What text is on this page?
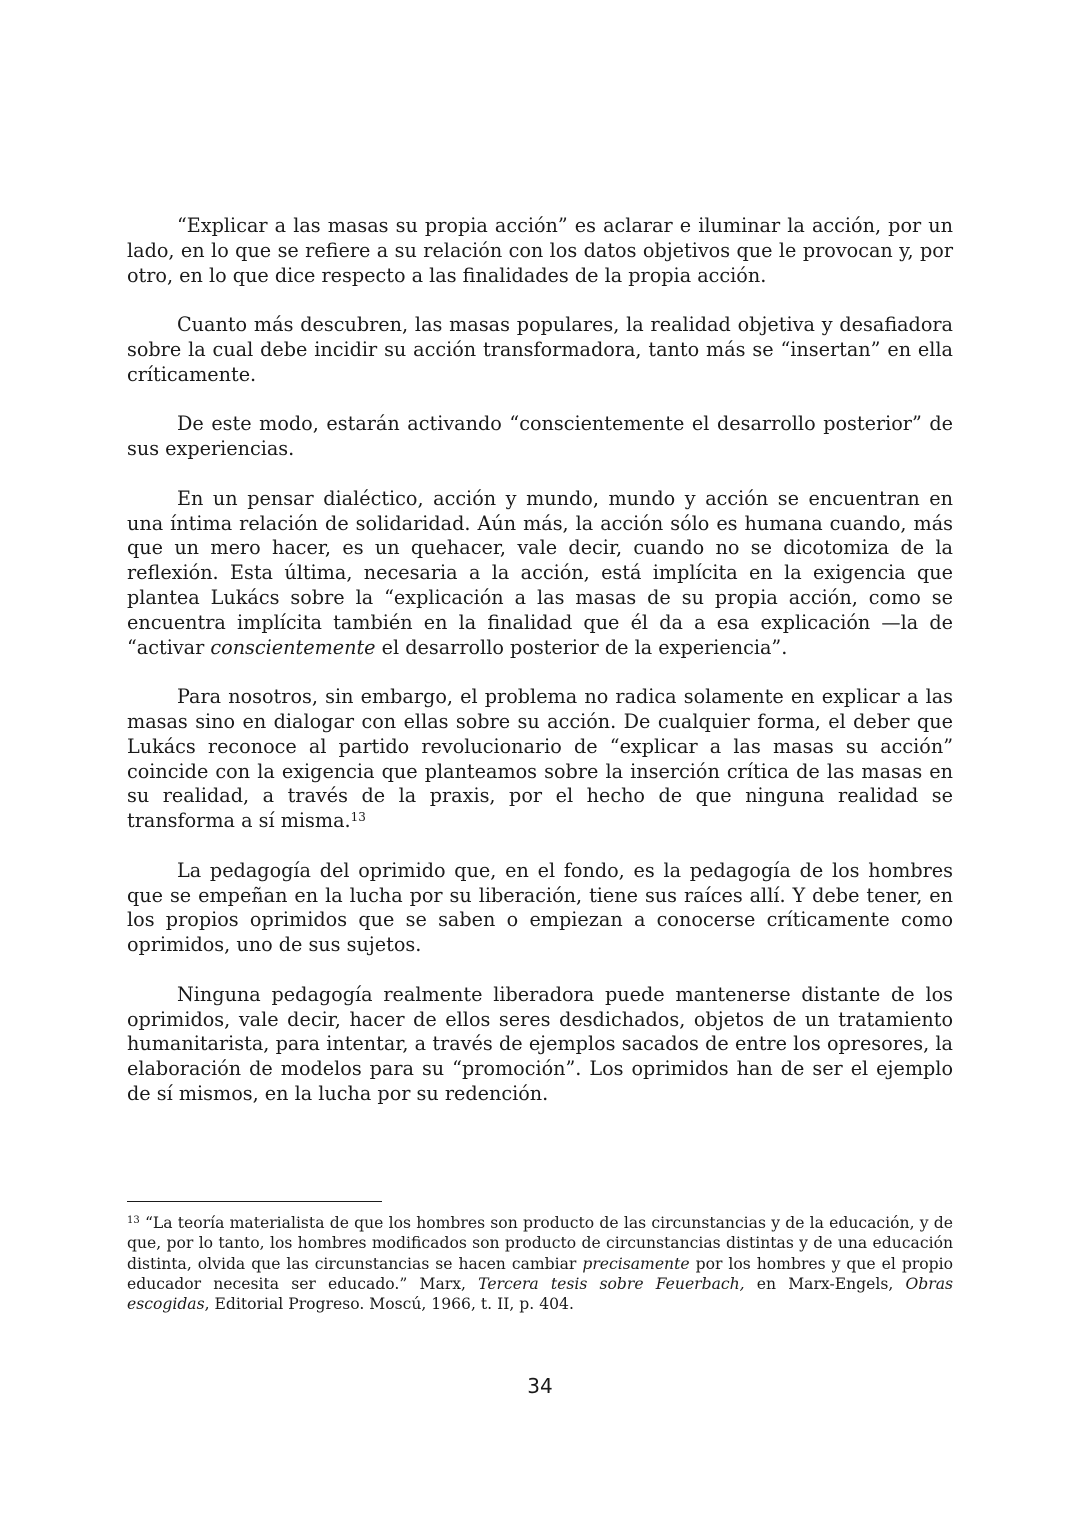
“Explicar a las masas su propia acción” es aclarar e iluminar la acción, por un lado, en lo que se refiere a su relación con los datos objetivos que le provocan y, por otro, en lo que dice respecto a las finalidades de la propia acción.

Cuanto más descubren, las masas populares, la realidad objetiva y desafiadora sobre la cual debe incidir su acción transformadora, tanto más se “insertan” en ella críticamente.

De este modo, estarán activando “conscientemente el desarrollo posterior” de sus experiencias.

En un pensar dialéctico, acción y mundo, mundo y acción se encuentran en una íntima relación de solidaridad. Aún más, la acción sólo es humana cuando, más que un mero hacer, es un quehacer, vale decir, cuando no se dicotomiza de la reflexión. Esta última, necesaria a la acción, está implícita en la exigencia que plantea Lukács sobre la “explicación a las masas de su propia acción, como se encuentra implícita también en la finalidad que él da a esa explicación —la de “activar conscientemente el desarrollo posterior de la experiencia”.

Para nosotros, sin embargo, el problema no radica solamente en explicar a las masas sino en dialogar con ellas sobre su acción. De cualquier forma, el deber que Lukács reconoce al partido revolucionario de “explicar a las masas su acción” coincide con la exigencia que planteamos sobre la inserción crítica de las masas en su realidad, a través de la praxis, por el hecho de que ninguna realidad se transforma a sí misma.$^{13}$

La pedagogía del oprimido que, en el fondo, es la pedagogía de los hombres que se empeñan en la lucha por su liberación, tiene sus raíces allí. Y debe tener, en los propios oprimidos que se saben o empiezan a conocerse críticamente como oprimidos, uno de sus sujetos.

Ninguna pedagogía realmente liberadora puede mantenerse distante de los oprimidos, vale decir, hacer de ellos seres desdichados, objetos de un tratamiento humanitarista, para intentar, a través de ejemplos sacados de entre los opresores, la elaboración de modelos para su “promoción”. Los oprimidos han de ser el ejemplo de sí mismos, en la lucha por su redención.

$^{13}$ “La teoría materialista de que los hombres son producto de las circunstancias y de la educación, y de que, por lo tanto, los hombres modificados son producto de circunstancias distintas y de una educación distinta, olvida que las circunstancias se hacen cambiar precisamente por los hombres y que el propio educador necesita ser educado.” Marx, Tercera tesis sobre Feuerbach, en Marx-Engels, Obras escogidas, Editorial Progreso. Moscú, 1966, t. II, p. 404.

34
